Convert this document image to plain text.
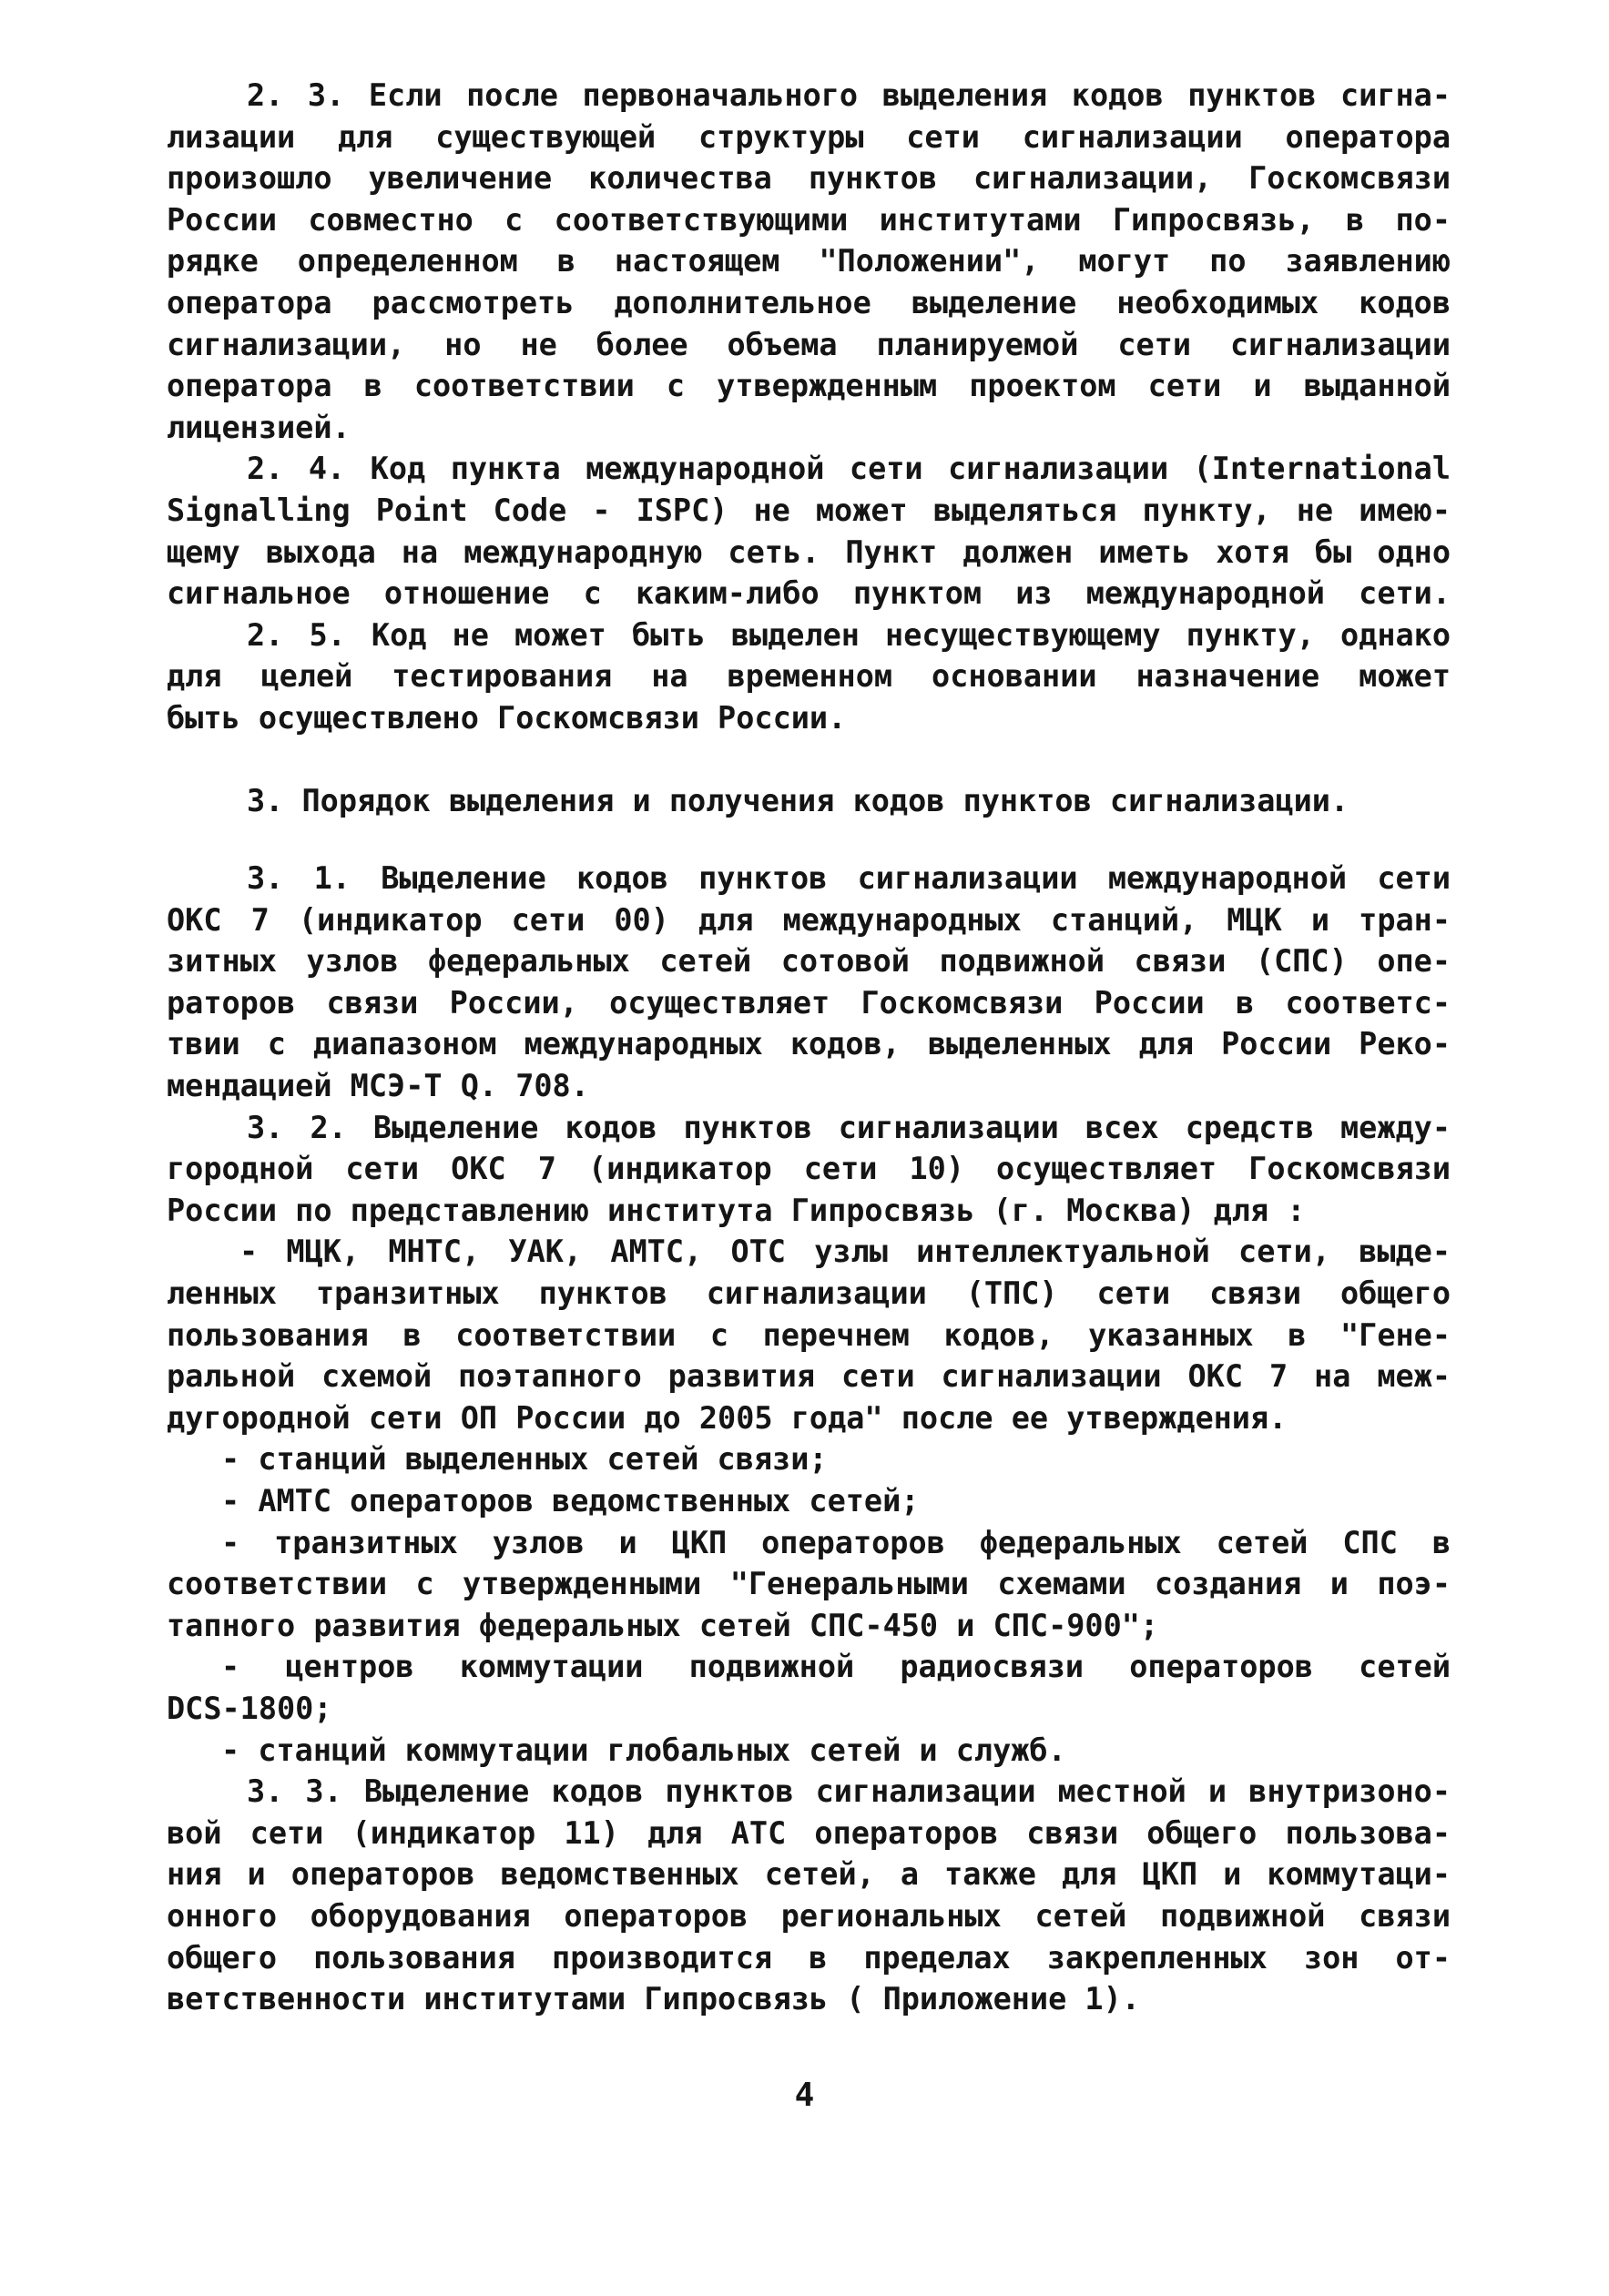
2. 3. Если после первоначального выделения кодов пунктов сигна-
лизации для существующей структуры сети сигнализации оператора
произошло увеличение количества пунктов сигнализации, Госкомсвязи
России совместно с соответствующими институтами Гипросвязь, в по-
рядке определенном в настоящем "Положении", могут по заявлению
оператора рассмотреть дополнительное выделение необходимых кодов
сигнализации, но не более объема планируемой сети сигнализации
оператора в соответствии с утвержденным проектом сети и выданной
лицензией.
2. 4. Код пункта международной сети сигнализации (International
Signalling Point Code - ISPC) не может выделяться пункту, не имею-
щему выхода на международную сеть. Пункт должен иметь хотя бы одно
сигнальное отношение с каким-либо пунктом из международной сети.
2. 5. Код не может быть выделен несуществующему пункту, однако
для целей тестирования на временном основании назначение может
быть осуществлено Госкомсвязи России.
3. Порядок выделения и получения кодов пунктов сигнализации.
3. 1. Выделение кодов пунктов сигнализации международной сети
ОКС 7 (индикатор сети 00) для международных станций, МЦК и тран-
зитных узлов федеральных сетей сотовой подвижной связи (СПС) опе-
раторов связи России, осуществляет Госкомсвязи России в соответс-
твии с диапазоном международных кодов, выделенных для России Реко-
мендацией МСЭ-Т Q. 708.
3. 2. Выделение кодов пунктов сигнализации всех средств между-
городной сети ОКС 7 (индикатор сети 10) осуществляет Госкомсвязи
России по представлению института Гипросвязь (г. Москва) для :
- МЦК, МНТС, УАК, АМТС, ОТС узлы интеллектуальной сети, выде-
ленных транзитных пунктов сигнализации (ТПС) сети связи общего
пользования в соответствии с перечнем кодов, указанных в "Гене-
ральной схемой поэтапного развития сети сигнализации ОКС 7 на меж-
дугородной сети ОП России до 2005 года" после ее утверждения.
- станций выделенных сетей связи;
- АМТС операторов ведомственных сетей;
- транзитных узлов и ЦКП операторов федеральных сетей СПС в
соответствии с утвержденными "Генеральными схемами создания и поэ-
тапного развития федеральных сетей СПС-450 и СПС-900";
- центров коммутации подвижной радиосвязи операторов сетей
DCS-1800;
- станций коммутации глобальных сетей и служб.
3. 3. Выделение кодов пунктов сигнализации местной и внутризоно-
вой сети (индикатор 11) для АТС операторов связи общего пользова-
ния и операторов ведомственных сетей, а также для ЦКП и коммутаци-
онного оборудования операторов региональных сетей подвижной связи
общего пользования производится в пределах закрепленных зон от-
ветственности институтами Гипросвязь ( Приложение 1).
4
